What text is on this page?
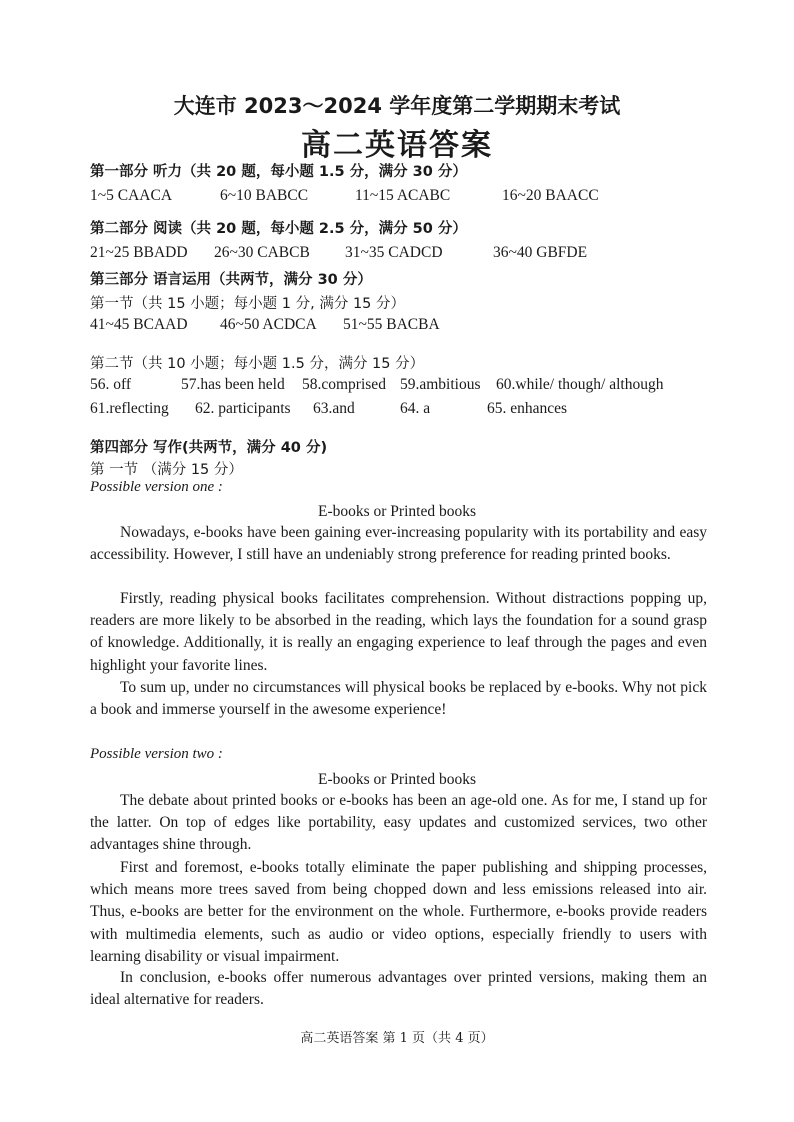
大连市 2023～2024 学年度第二学期期末考试
高二英语答案
第一部分 听力（共 20 题，每小题 1.5 分，满分 30 分）
1~5 CAACA	6~10 BABCC	11~15 ACABC	16~20 BAACC
第二部分 阅读（共 20 题，每小题 2.5 分，满分 50 分）
21~25 BBADD 26~30 CABCB 31~35 CADCD	36~40 GBFDE
第三部分 语言运用（共两节，满分 30 分）
第一节（共 15 小题；每小题 1 分, 满分 15 分）
41~45 BCAAD 46~50 ACDCA 51~55 BACBA
第二节（共 10 小题；每小题 1.5 分，满分 15 分）
56. off	57.has been held 58.comprised 59.ambitious 60.while/ though/ although
61.reflecting 62. participants 63.and	64. a	65. enhances
第四部分 写作(共两节，满分 40 分)
第 一节 （满分 15 分）
Possible version one :
E-books or Printed books

Nowadays, e-books have been gaining ever-increasing popularity with its portability and easy accessibility. However, I still have an undeniably strong preference for reading printed books.

Firstly, reading physical books facilitates comprehension. Without distractions popping up, readers are more likely to be absorbed in the reading, which lays the foundation for a sound grasp of knowledge. Additionally, it is really an engaging experience to leaf through the pages and even highlight your favorite lines.

To sum up, under no circumstances will physical books be replaced by e-books. Why not pick a book and immerse yourself in the awesome experience!

Possible version two :
E-books or Printed books

The debate about printed books or e-books has been an age-old one. As for me, I stand up for the latter. On top of edges like portability, easy updates and customized services, two other advantages shine through.

First and foremost, e-books totally eliminate the paper publishing and shipping processes, which means more trees saved from being chopped down and less emissions released into air. Thus, e-books are better for the environment on the whole. Furthermore, e-books provide readers with multimedia elements, such as audio or video options, especially friendly to users with learning disability or visual impairment.

In conclusion, e-books offer numerous advantages over printed versions, making them an ideal alternative for readers.

高二英语答案 第 1 页（共 4 页）
